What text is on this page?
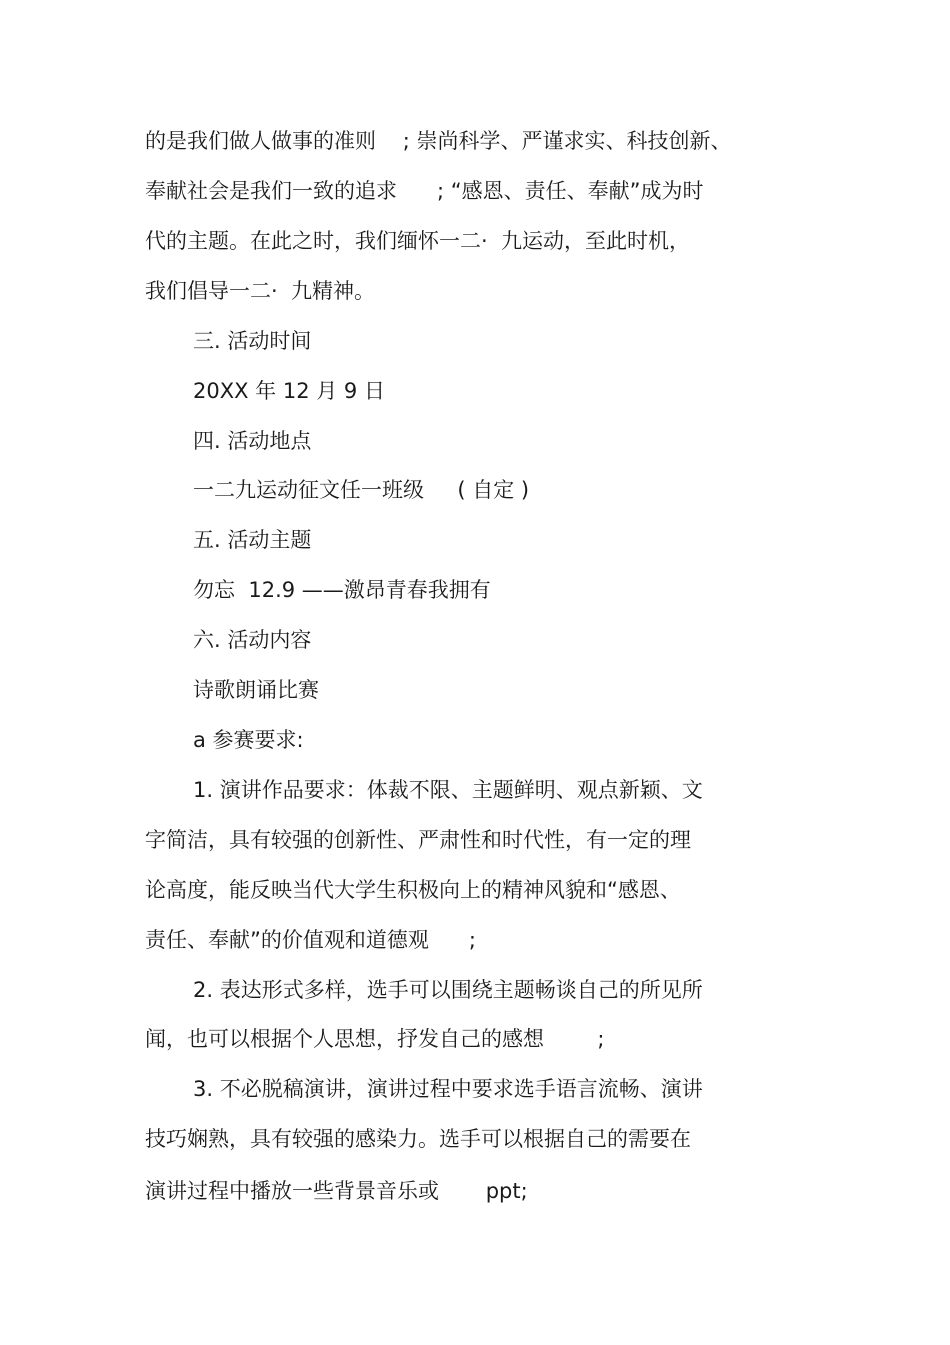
的是我们做人做事的准则    ; 崇尚科学、严谨求实、科技创新、
奉献社会是我们一致的追求      ; “感恩、责任、奉献”成为时
代的主题。在此之时，我们缅怀一二·  九运动，至此时机，
我们倡导一二·  九精神。
三. 活动时间
20XX 年 12 月 9 日
四. 活动地点
一二九运动征文任一班级     ( 自定 )
五. 活动主题
勿忘  12.9 ——激昂青春我拥有
六. 活动内容
诗歌朗诵比赛
a 参赛要求:
1. 演讲作品要求：体裁不限、主题鲜明、观点新颖、文
字简洁，具有较强的创新性、严肃性和时代性，有一定的理
论高度，能反映当代大学生积极向上的精神风貌和“感恩、
责任、奉献”的价值观和道德观      ;
2. 表达形式多样，选手可以围绕主题畅谈自己的所见所
闻，也可以根据个人思想，抒发自己的感想        ;
3. 不必脱稿演讲，演讲过程中要求选手语言流畅、演讲
技巧娴熟，具有较强的感染力。选手可以根据自己的需要在
演讲过程中播放一些背景音乐或       ppt;
